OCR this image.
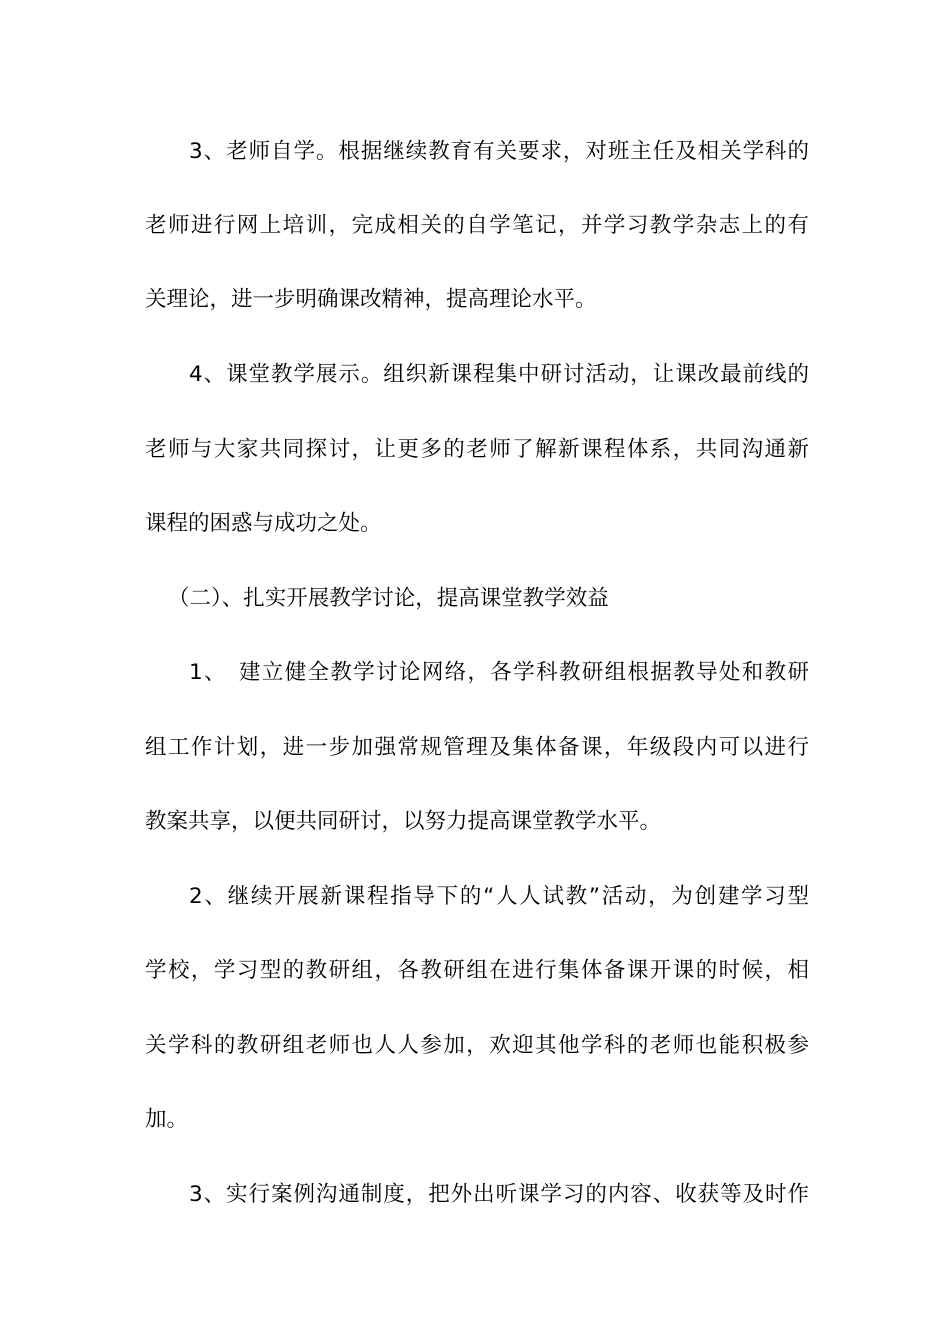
3、老师自学。根据继续教育有关要求，对班主任及相关学科的
老师进行网上培训，完成相关的自学笔记，并学习教学杂志上的有
关理论，进一步明确课改精神，提高理论水平。
4、课堂教学展示。组织新课程集中研讨活动，让课改最前线的
老师与大家共同探讨，让更多的老师了解新课程体系，共同沟通新
课程的困惑与成功之处。
（二）、扎实开展教学讨论，提高课堂教学效益
1、　建立健全教学讨论网络，各学科教研组根据教导处和教研
组工作计划，进一步加强常规管理及集体备课，年级段内可以进行
教案共享，以便共同研讨，以努力提高课堂教学水平。
2、继续开展新课程指导下的“人人试教”活动，为创建学习型
学校，学习型的教研组，各教研组在进行集体备课开课的时候，相
关学科的教研组老师也人人参加，欢迎其他学科的老师也能积极参
加。
3、实行案例沟通制度，把外出听课学习的内容、收获等及时作
